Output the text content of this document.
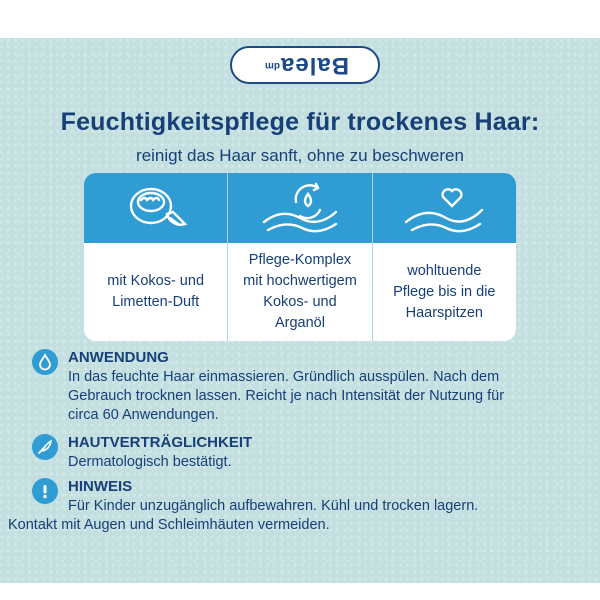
dm Balea
Feuchtigkeitspflege für trockenes Haar:
reinigt das Haar sanft, ohne zu beschweren
mit Kokos- und
Limetten-Duft
Pflege-Komplex
mit hochwertigem
Kokos- und
Arganöl
wohltuende
Pflege bis in die
Haarspitzen
ANWENDUNG
In das feuchte Haar einmassieren. Gründlich ausspülen. Nach dem
Gebrauch trocknen lassen. Reicht je nach Intensität der Nutzung für
circa 60 Anwendungen.
HAUTVERTRÄGLICHKEIT
Dermatologisch bestätigt.
HINWEIS
Für Kinder unzugänglich aufbewahren. Kühl und trocken lagern.
Kontakt mit Augen und Schleimhäuten vermeiden.
